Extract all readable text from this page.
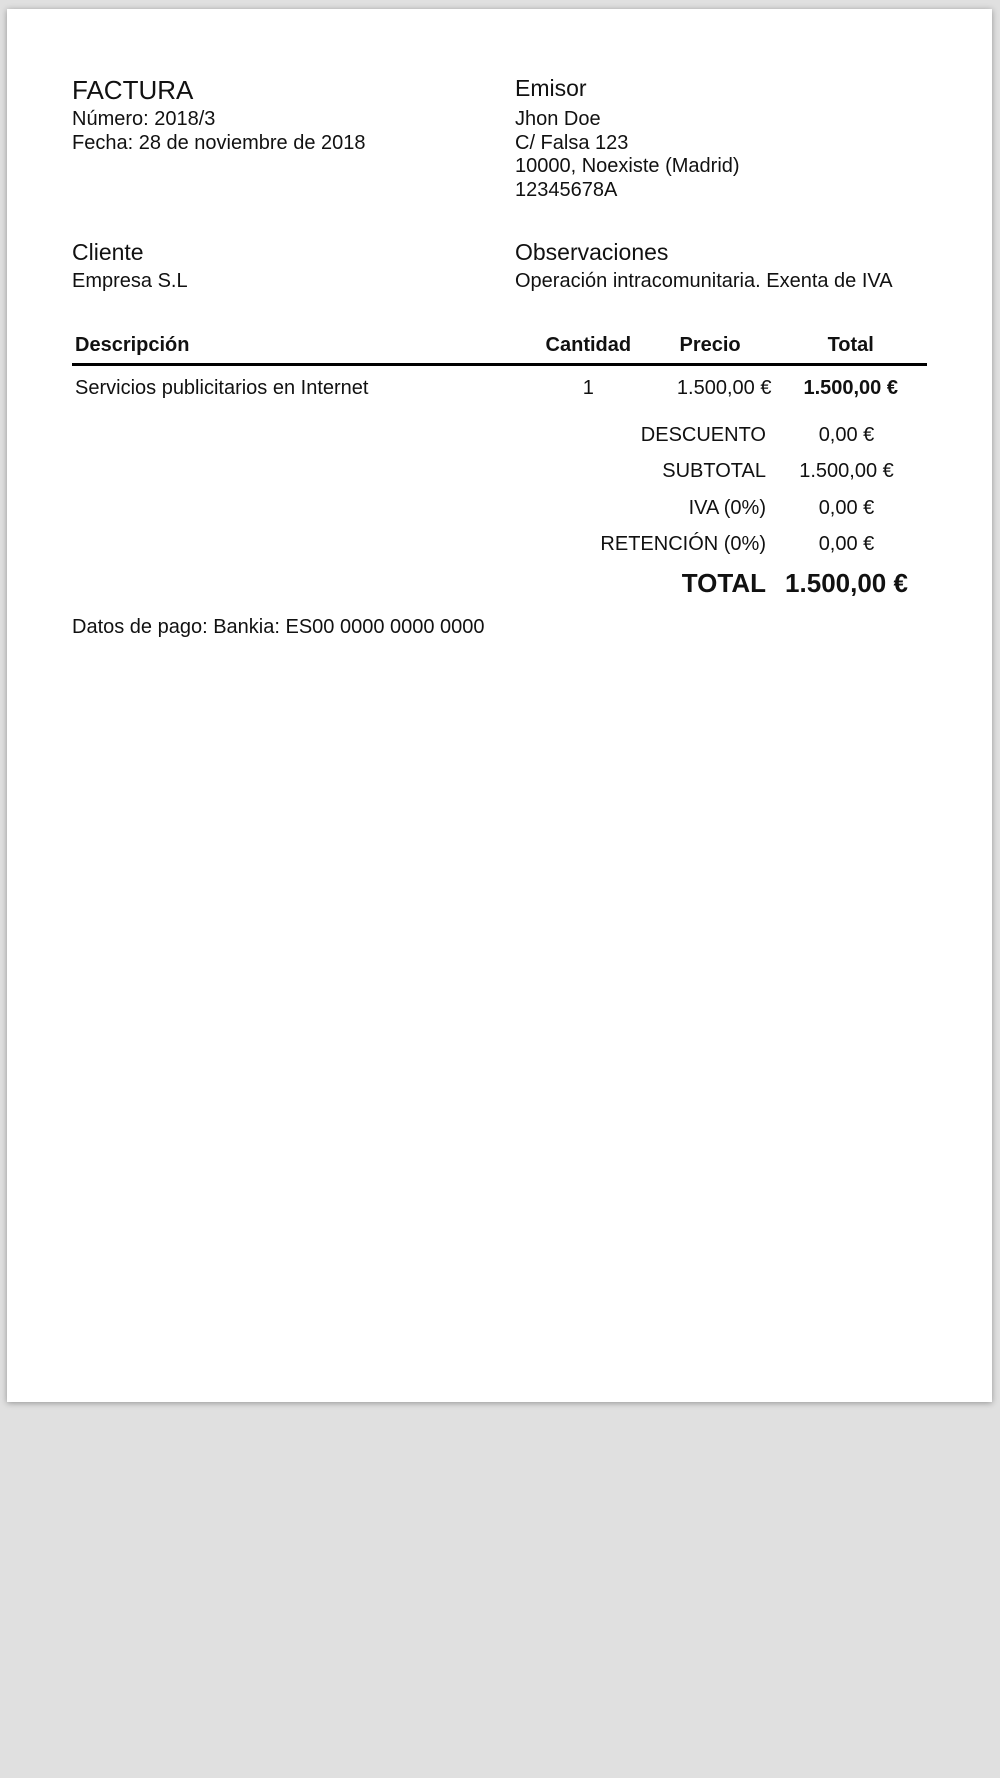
FACTURA
Número: 2018/3
Fecha: 28 de noviembre de 2018
Emisor
Jhon Doe
C/ Falsa 123
10000, Noexiste (Madrid)
12345678A
Cliente
Empresa S.L
Observaciones
Operación intracomunitaria. Exenta de IVA
Descripción	Cantidad	Precio	Total
Servicios publicitarios en Internet	1	1.500,00 €	1.500,00 €
DESCUENTO	0,00 €
SUBTOTAL	1.500,00 €
IVA (0%)	0,00 €
RETENCIÓN (0%)	0,00 €
TOTAL 1.500,00 €
Datos de pago: Bankia: ES00 0000 0000 0000
